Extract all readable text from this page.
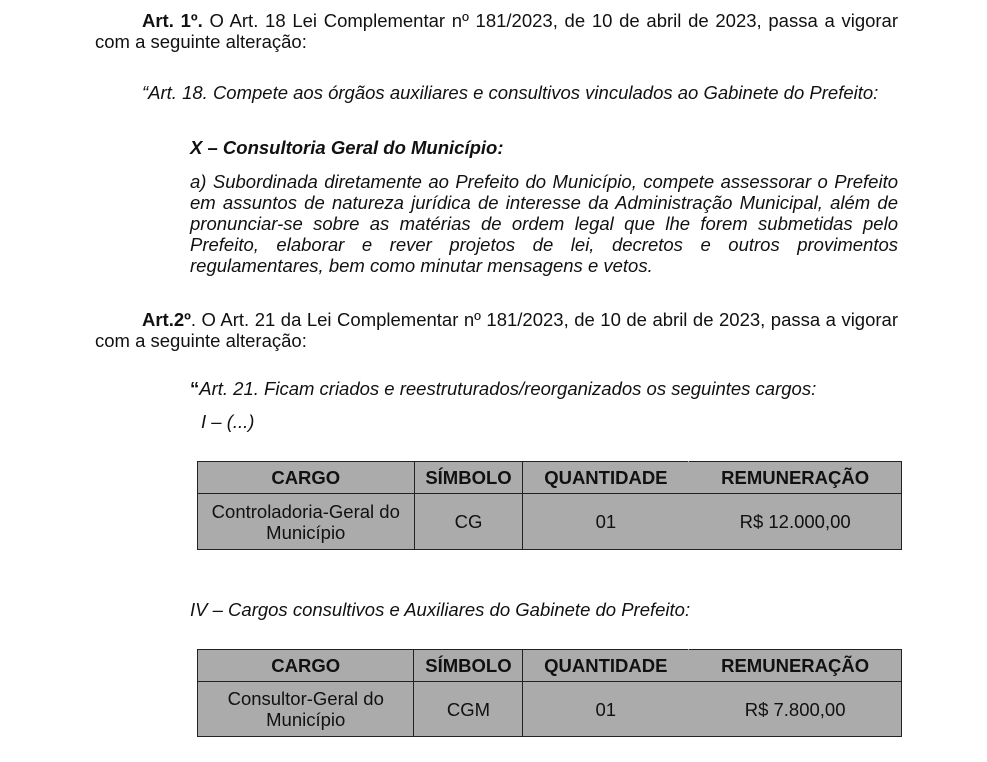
Art. 1º. O Art. 18 Lei Complementar nº 181/2023, de 10 de abril de 2023, passa a vigorar com a seguinte alteração:

“Art. 18. Compete aos órgãos auxiliares e consultivos vinculados ao Gabinete do Prefeito:

X – Consultoria Geral do Município:

a) Subordinada diretamente ao Prefeito do Município, compete assessorar o Prefeito em assuntos de natureza jurídica de interesse da Administração Municipal, além de pronunciar-se sobre as matérias de ordem legal que lhe forem submetidas pelo Prefeito, elaborar e rever projetos de lei, decretos e outros provimentos regulamentares, bem como minutar mensagens e vetos.

Art.2º. O Art. 21 da Lei Complementar nº 181/2023, de 10 de abril de 2023, passa a vigorar com a seguinte alteração:

“Art. 21. Ficam criados e reestruturados/reorganizados os seguintes cargos:

I – (...)

CARGO	SÍMBOLO	QUANTIDADE	REMUNERAÇÃO
Controladoria-Geral do Município	CG	01	R$ 12.000,00

IV – Cargos consultivos e Auxiliares do Gabinete do Prefeito:

CARGO	SÍMBOLO	QUANTIDADE	REMUNERAÇÃO
Consultor-Geral do Município	CGM	01	R$ 7.800,00
